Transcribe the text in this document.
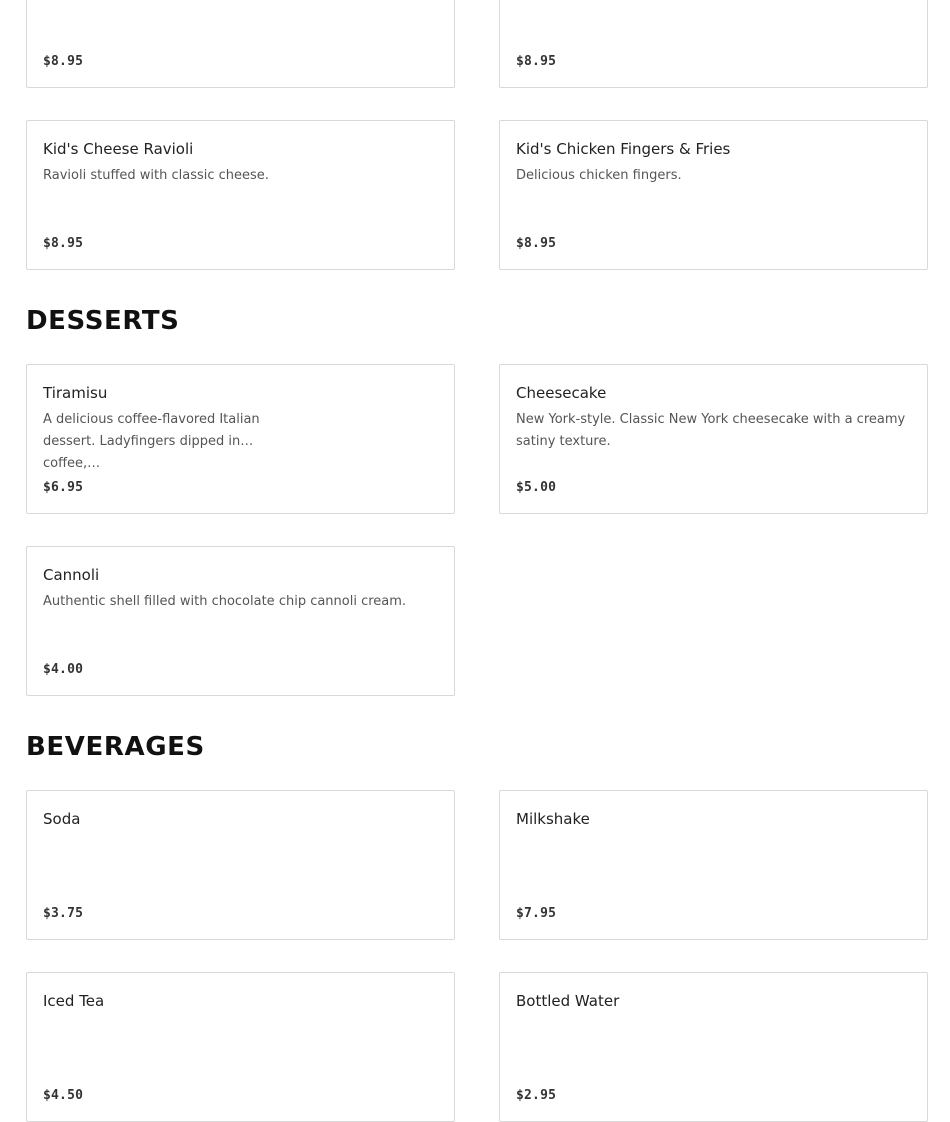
$8.95	$8.95
Kid's Cheese Ravioli
Ravioli stuffed with classic cheese.
$8.95
Kid's Chicken Fingers & Fries
Delicious chicken fingers.
$8.95
DESSERTS
Tiramisu
A delicious coffee-flavored Italian dessert. Ladyfingers dipped in coffee,…
$6.95
Cheesecake
New York-style. Classic New York cheesecake with a creamy satiny texture.
$5.00
Cannoli
Authentic shell filled with chocolate chip cannoli cream.
$4.00
BEVERAGES
Soda
$3.75
Milkshake
$7.95
Iced Tea
$4.50
Bottled Water
$2.95
